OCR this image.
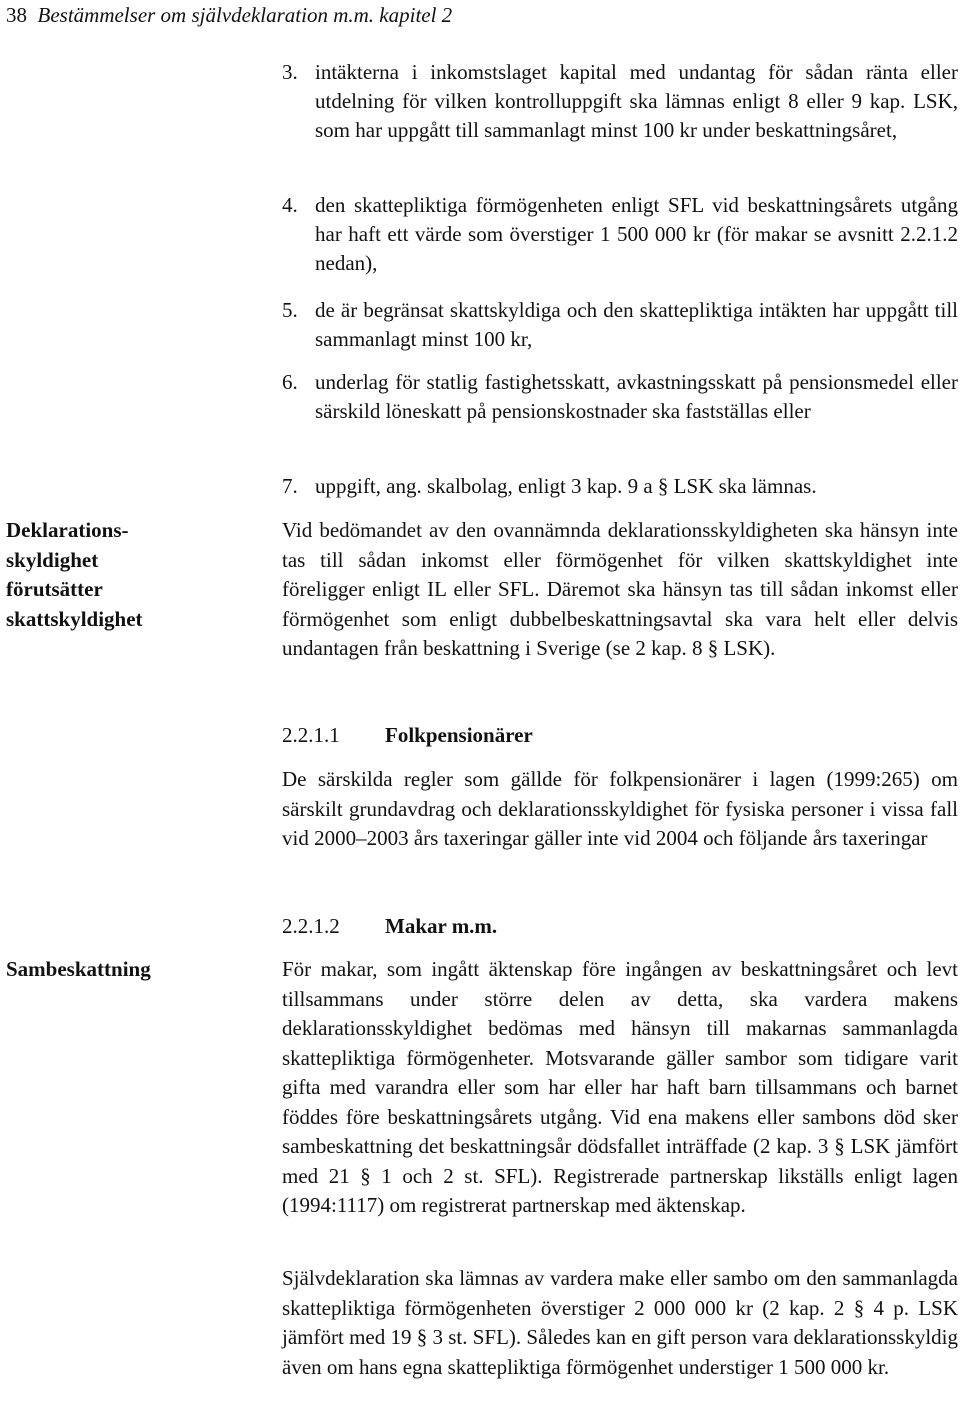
38 Bestämmelser om självdeklaration m.m. kapitel 2
3. intäkterna i inkomstslaget kapital med undantag för sådan ränta eller utdelning för vilken kontrolluppgift ska lämnas enligt 8 eller 9 kap. LSK, som har uppgått till sammanlagt minst 100 kr under beskattningsåret,
4. den skattepliktiga förmögenheten enligt SFL vid beskattningsårets utgång har haft ett värde som överstiger 1 500 000 kr (för makar se avsnitt 2.2.1.2 nedan),
5. de är begränsat skattskyldiga och den skattepliktiga intäkten har uppgått till sammanlagt minst 100 kr,
6. underlag för statlig fastighetsskatt, avkastningsskatt på pensionsmedel eller särskild löneskatt på pensionskostnader ska fastställas eller
7. uppgift, ang. skalbolag, enligt 3 kap. 9 a § LSK ska lämnas.
Deklarations- skyldighet förutsätter skattskyldighet
Vid bedömandet av den ovannämnda deklarationsskyldigheten ska hänsyn inte tas till sådan inkomst eller förmögenhet för vilken skattskyldighet inte föreligger enligt IL eller SFL. Däremot ska hänsyn tas till sådan inkomst eller förmögenhet som enligt dubbelbeskattningsavtal ska vara helt eller delvis undantagen från beskattning i Sverige (se 2 kap. 8 § LSK).
2.2.1.1 Folkpensionärer
De särskilda regler som gällde för folkpensionärer i lagen (1999:265) om särskilt grundavdrag och deklarationsskyldighet för fysiska personer i vissa fall vid 2000–2003 års taxeringar gäller inte vid 2004 och följande års taxeringar
2.2.1.2 Makar m.m.
Sambeskattning	För makar, som ingått äktenskap före ingången av beskattningsåret och levt tillsammans under större delen av detta, ska vardera makens deklarationsskyldighet bedömas med hänsyn till makarnas sammanlagda skattepliktiga förmögenheter. Motsvarande gäller sambor som tidigare varit gifta med varandra eller som har eller har haft barn tillsammans och barnet föddes före beskattningsårets utgång. Vid ena makens eller sambons död sker sambeskattning det beskattningsår dödsfallet inträffade (2 kap. 3 § LSK jämfört med 21 § 1 och 2 st. SFL). Registrerade partnerskap likställs enligt lagen (1994:1117) om registrerat partnerskap med äktenskap.
Självdeklaration ska lämnas av vardera make eller sambo om den sammanlagda skattepliktiga förmögenheten överstiger 2 000 000 kr (2 kap. 2 § 4 p. LSK jämfört med 19 § 3 st. SFL). Således kan en gift person vara deklarationsskyldig även om hans egna skattepliktiga förmögenhet understiger 1 500 000 kr.
